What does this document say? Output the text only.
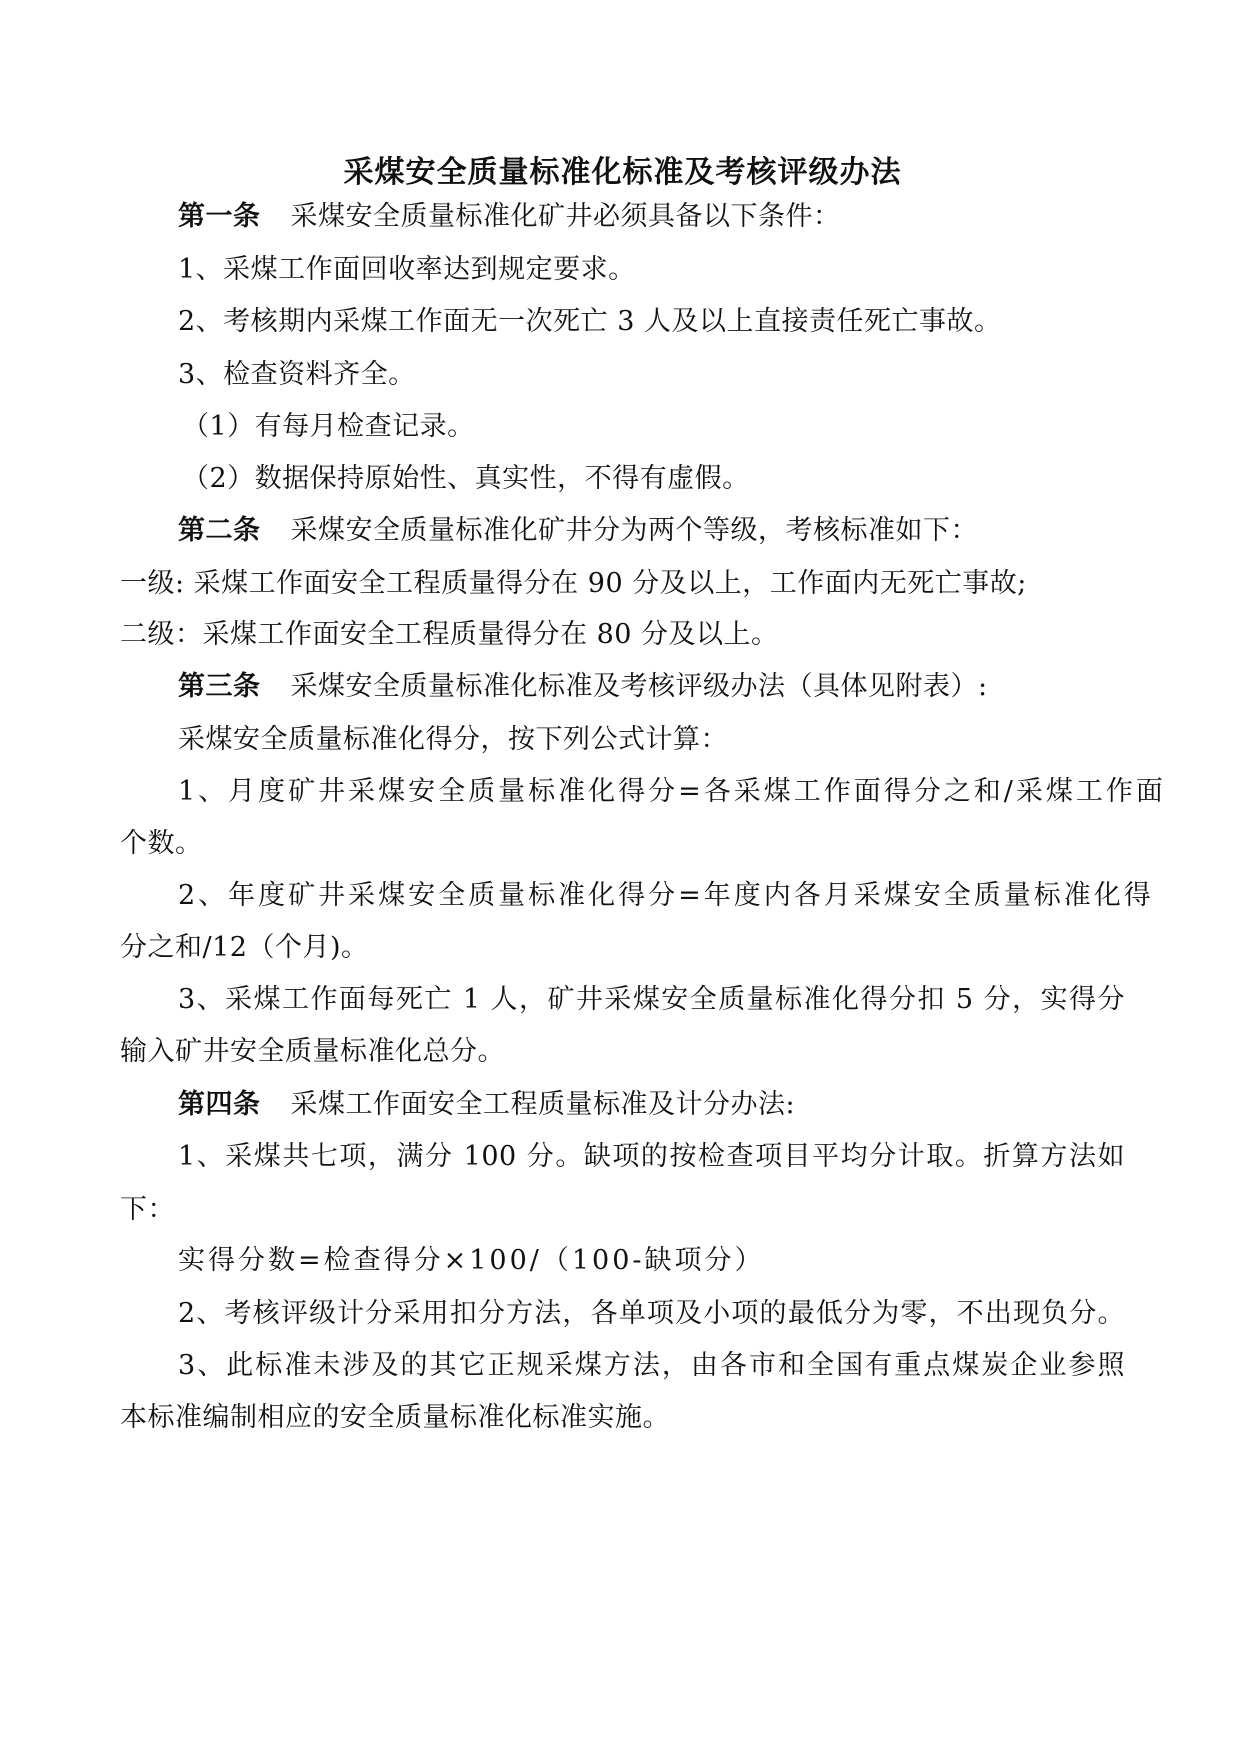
采煤安全质量标准化标准及考核评级办法
第一条 采煤安全质量标准化矿井必须具备以下条件：
1、采煤工作面回收率达到规定要求。
2、考核期内采煤工作面无一次死亡 3 人及以上直接责任死亡事故。
3、检查资料齐全。
（1）有每月检查记录。
（2）数据保持原始性、真实性，不得有虚假。
第二条 采煤安全质量标准化矿井分为两个等级，考核标准如下：
一级: 采煤工作面安全工程质量得分在 90 分及以上，工作面内无死亡事故;
二级：采煤工作面安全工程质量得分在 80 分及以上。
第三条 采煤安全质量标准化标准及考核评级办法（具体见附表）:
采煤安全质量标准化得分，按下列公式计算：
1、月度矿井采煤安全质量标准化得分=各采煤工作面得分之和/采煤工作面
个数。
2、年度矿井采煤安全质量标准化得分=年度内各月采煤安全质量标准化得
分之和/12（个月)。
3、采煤工作面每死亡 1 人，矿井采煤安全质量标准化得分扣 5 分，实得分
输入矿井安全质量标准化总分。
第四条 采煤工作面安全工程质量标准及计分办法:
1、采煤共七项，满分 100 分。缺项的按检查项目平均分计取。折算方法如
下：
实得分数=检查得分×100/（100-缺项分）
2、考核评级计分采用扣分方法，各单项及小项的最低分为零，不出现负分。
3、此标准未涉及的其它正规采煤方法，由各市和全国有重点煤炭企业参照
本标准编制相应的安全质量标准化标准实施。
